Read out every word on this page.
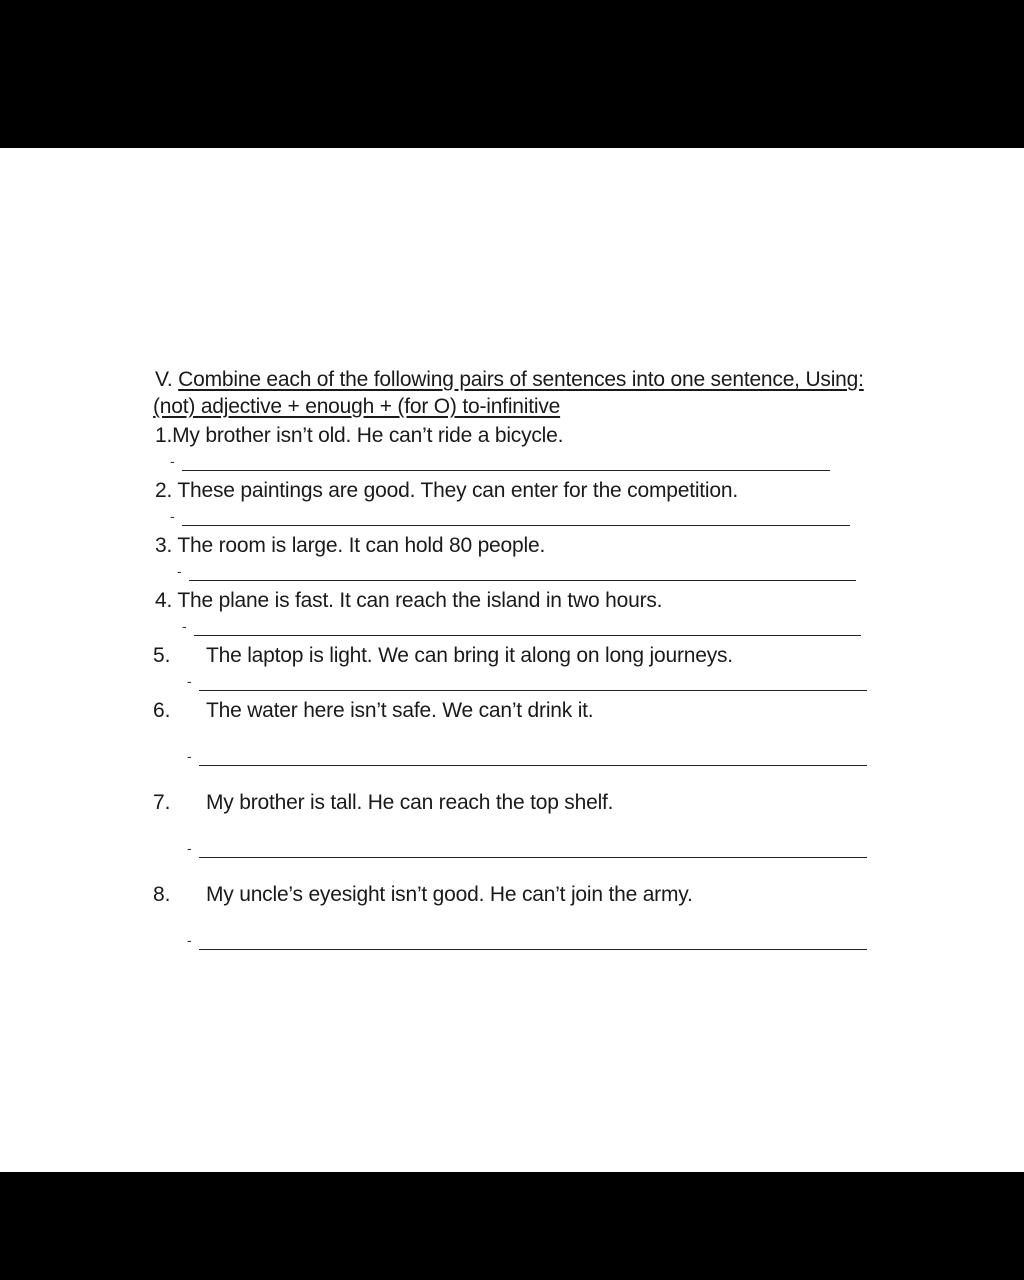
V. Combine each of the following pairs of sentences into one sentence, Using:
(not) adjective + enough + (for O) to-infinitive
1.My brother isn’t old. He can’t ride a bicycle.
-
2. These paintings are good. They can enter for the competition.
-
3. The room is large. It can hold 80 people.
-
4. The plane is fast. It can reach the island in two hours.
-
5. The laptop is light. We can bring it along on long journeys.
-
6. The water here isn’t safe. We can’t drink it.
-
7. My brother is tall. He can reach the top shelf.
-
8. My uncle’s eyesight isn’t good. He can’t join the army.
-
